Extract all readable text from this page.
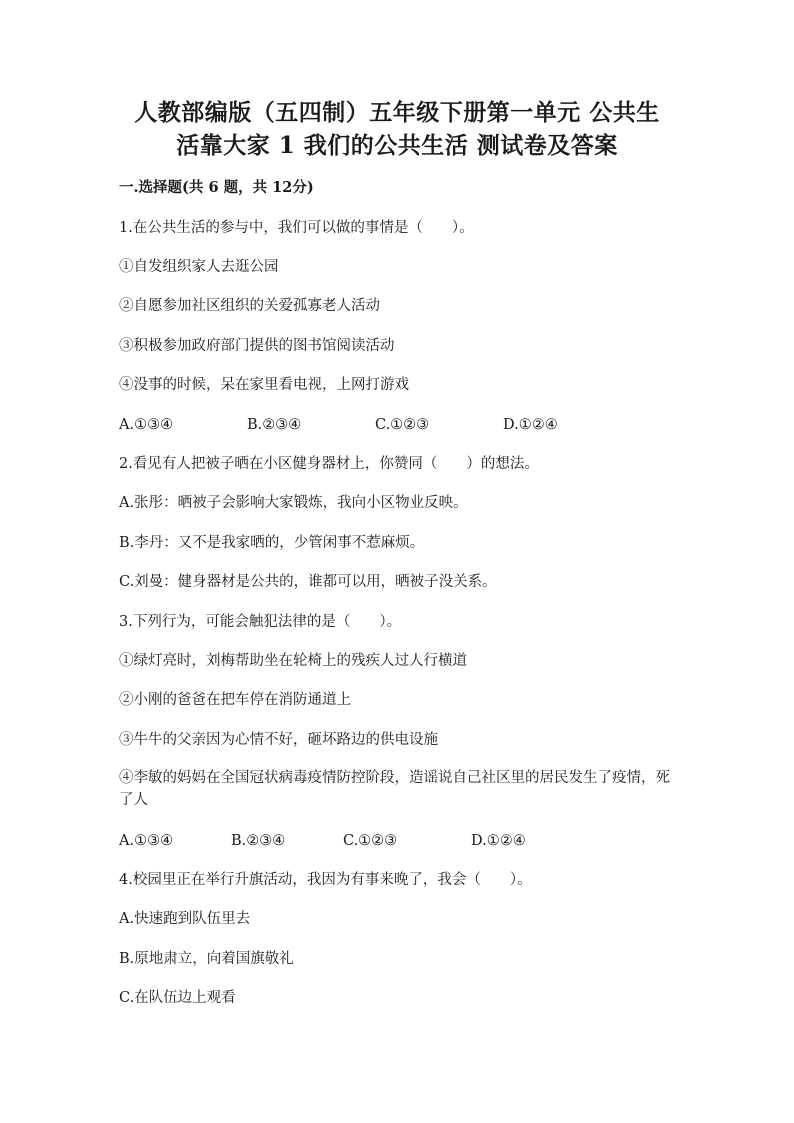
人教部编版（五四制）五年级下册第一单元 公共生
活靠大家 1 我们的公共生活 测试卷及答案
一.选择题(共 6 题，共 12分)
1.在公共生活的参与中，我们可以做的事情是（　　）。
①自发组织家人去逛公园
②自愿参加社区组织的关爱孤寡老人活动
③积极参加政府部门提供的图书馆阅读活动
④没事的时候，呆在家里看电视，上网打游戏
A.①③④	B.②③④	C.①②③	D.①②④
2.看见有人把被子晒在小区健身器材上，你赞同（　　）的想法。
A.张彤：晒被子会影响大家锻炼，我向小区物业反映。
B.李丹：又不是我家晒的，少管闲事不惹麻烦。
C.刘曼：健身器材是公共的，谁都可以用，晒被子没关系。
3.下列行为，可能会触犯法律的是（　　）。
①绿灯亮时，刘梅帮助坐在轮椅上的残疾人过人行横道
②小刚的爸爸在把车停在消防通道上
③牛牛的父亲因为心情不好，砸坏路边的供电设施
④李敏的妈妈在全国冠状病毒疫情防控阶段，造谣说自己社区里的居民发生了疫情，死了人
A.①③④	B.②③④	C.①②③	D.①②④
4.校园里正在举行升旗活动，我因为有事来晚了，我会（　　）。
A.快速跑到队伍里去
B.原地肃立，向着国旗敬礼
C.在队伍边上观看
